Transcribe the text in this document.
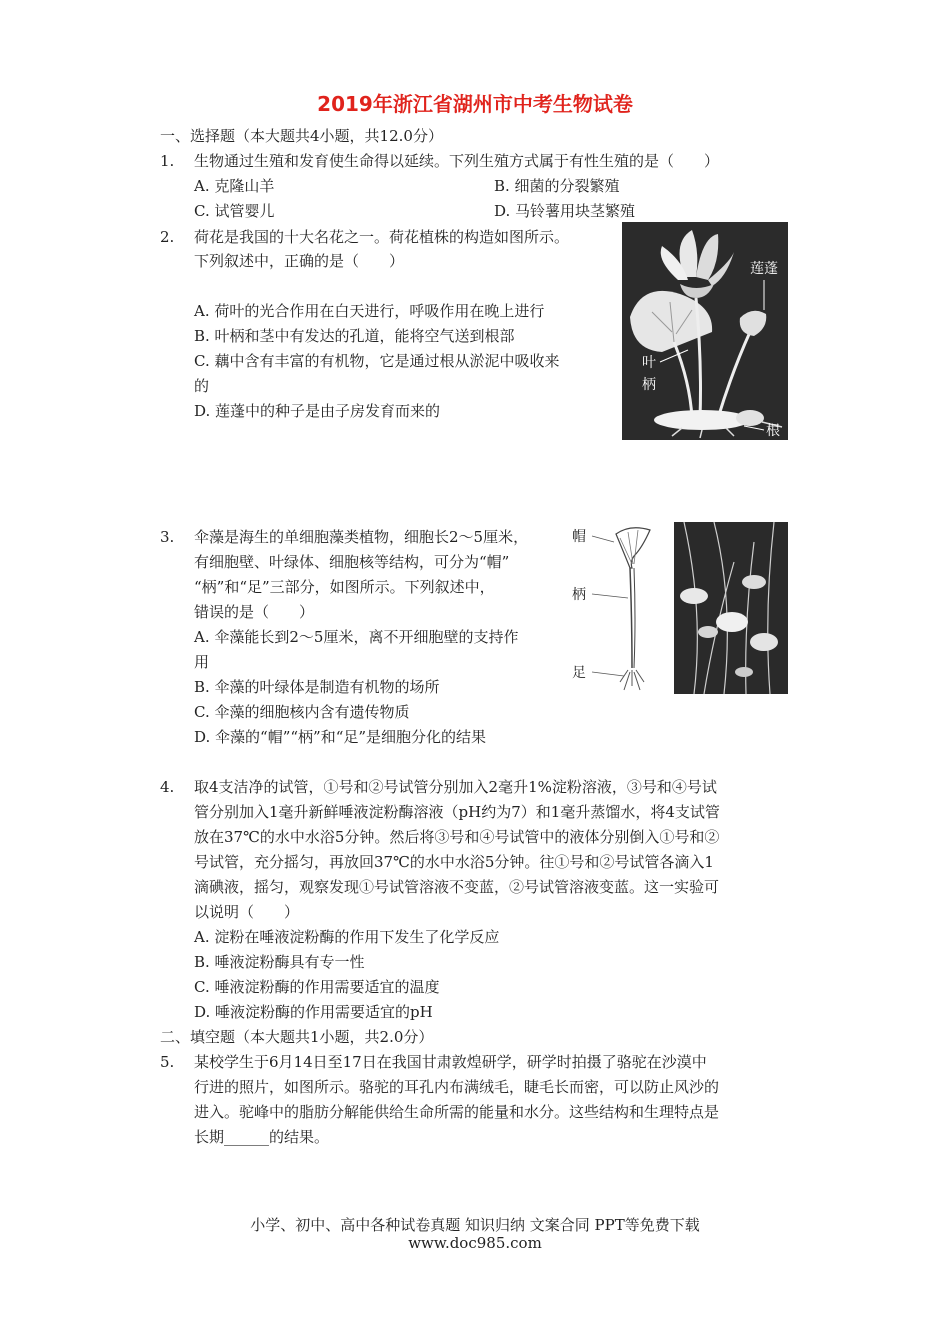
2019年浙江省湖州市中考生物试卷
一、选择题（本大题共4小题，共12.0分）
1. 生物通过生殖和发育使生命得以延续。下列生殖方式属于有性生殖的是（　　）
A. 克隆山羊	B. 细菌的分裂繁殖
C. 试管婴儿	D. 马铃薯用块茎繁殖
2. 荷花是我国的十大名花之一。荷花植株的构造如图所示。
下列叙述中，正确的是（　　）
A. 荷叶的光合作用在白天进行，呼吸作用在晚上进行
B. 叶柄和茎中有发达的孔道，能将空气送到根部
C. 藕中含有丰富的有机物，它是通过根从淤泥中吸收来
的
D. 莲蓬中的种子是由子房发育而来的
莲蓬
叶
柄
根
3. 伞藻是海生的单细胞藻类植物，细胞长2～5厘米，
有细胞壁、叶绿体、细胞核等结构，可分为“帽”
“柄”和“足”三部分，如图所示。下列叙述中，
错误的是（　　）
A. 伞藻能长到2～5厘米，离不开细胞壁的支持作
用
B. 伞藻的叶绿体是制造有机物的场所
C. 伞藻的细胞核内含有遗传物质
D. 伞藻的“帽”“柄”和“足”是细胞分化的结果
帽
柄
足
4. 取4支洁净的试管，①号和②号试管分别加入2毫升1%淀粉溶液，③号和④号试
管分别加入1毫升新鲜唾液淀粉酶溶液（pH约为7）和1毫升蒸馏水，将4支试管
放在37℃的水中水浴5分钟。然后将③号和④号试管中的液体分别倒入①号和②
号试管，充分摇匀，再放回37℃的水中水浴5分钟。往①号和②号试管各滴入1
滴碘液，摇匀，观察发现①号试管溶液不变蓝，②号试管溶液变蓝。这一实验可
以说明（　　）
A. 淀粉在唾液淀粉酶的作用下发生了化学反应
B. 唾液淀粉酶具有专一性
C. 唾液淀粉酶的作用需要适宜的温度
D. 唾液淀粉酶的作用需要适宜的pH
二、填空题（本大题共1小题，共2.0分）
5. 某校学生于6月14日至17日在我国甘肃敦煌研学，研学时拍摄了骆驼在沙漠中
行进的照片，如图所示。骆驼的耳孔内布满绒毛，睫毛长而密，可以防止风沙的
进入。驼峰中的脂肪分解能供给生命所需的能量和水分。这些结构和生理特点是
长期______的结果。
小学、初中、高中各种试卷真题 知识归纳 文案合同 PPT等免费下载
www.doc985.com
